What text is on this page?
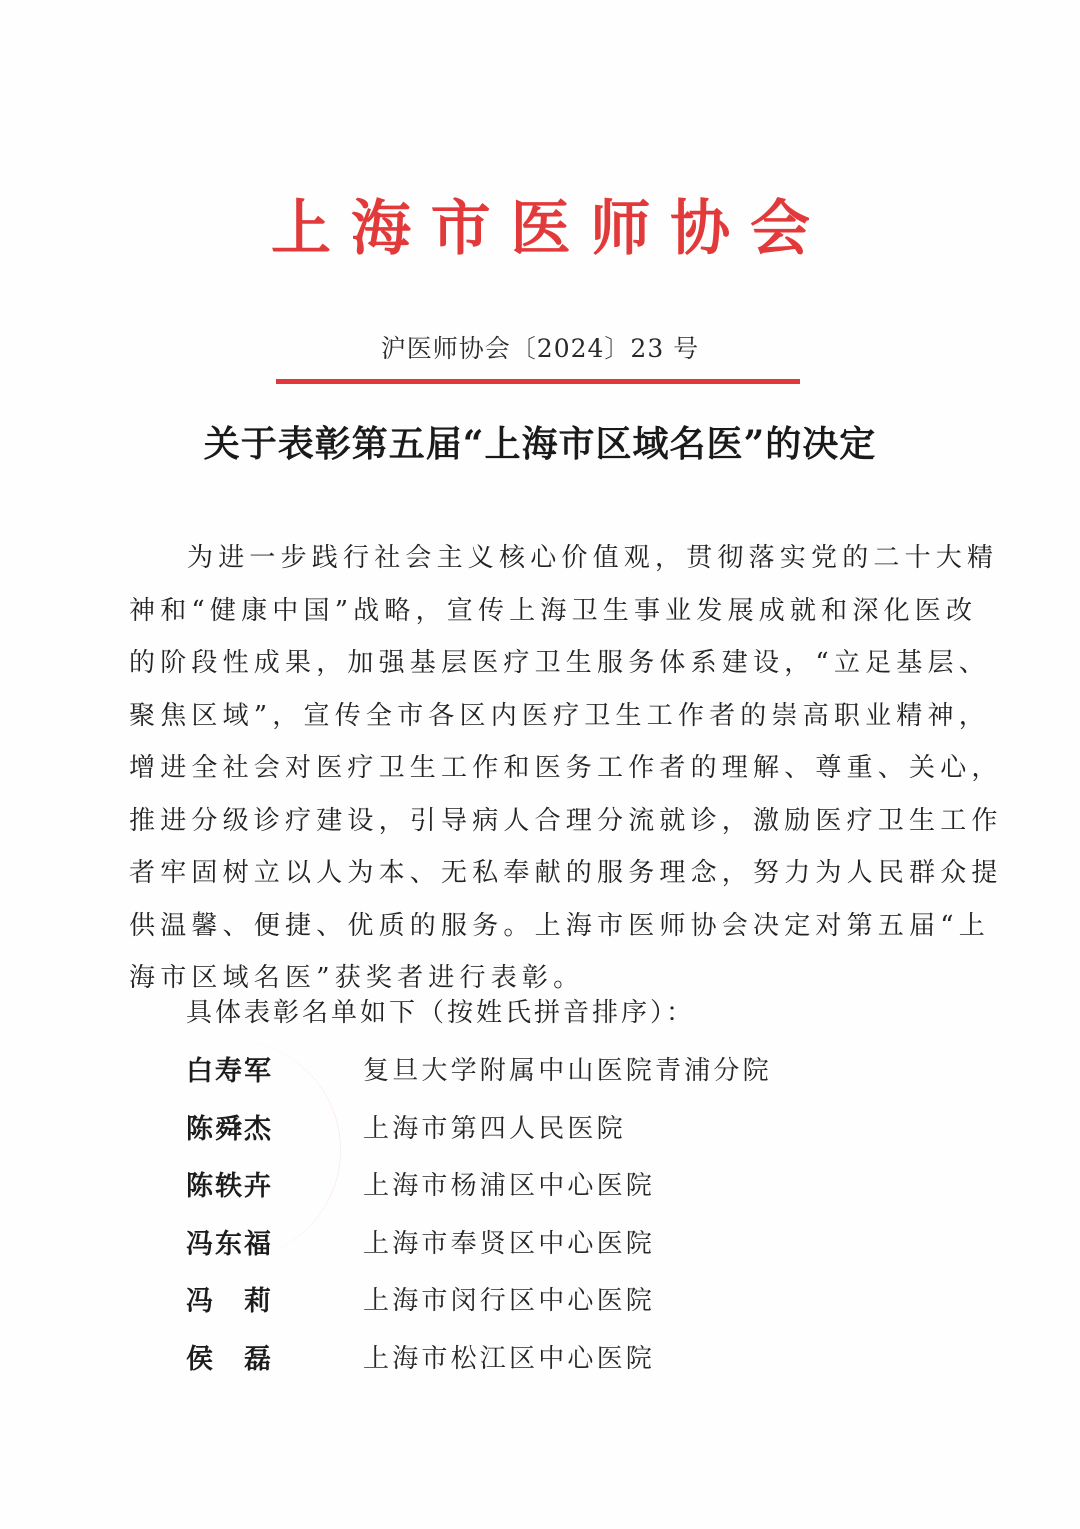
上 海 市 医 师 协 会
沪医师协会〔2024〕23 号
关于表彰第五届“上海市区域名医”的决定
为进一步践行社会主义核心价值观，贯彻落实党的二十大精
神和“健康中国”战略，宣传上海卫生事业发展成就和深化医改
的阶段性成果，加强基层医疗卫生服务体系建设，“立足基层、
聚焦区域”，宣传全市各区内医疗卫生工作者的崇高职业精神，
增进全社会对医疗卫生工作和医务工作者的理解、尊重、关心，
推进分级诊疗建设，引导病人合理分流就诊，激励医疗卫生工作
者牢固树立以人为本、无私奉献的服务理念，努力为人民群众提
供温馨、便捷、优质的服务。上海市医师协会决定对第五届“上
海市区域名医”获奖者进行表彰。
具体表彰名单如下（按姓氏拼音排序）：
白寿军	复旦大学附属中山医院青浦分院
陈舜杰	上海市第四人民医院
陈轶卉	上海市杨浦区中心医院
冯东福	上海市奉贤区中心医院
冯　莉	上海市闵行区中心医院
侯　磊	上海市松江区中心医院
